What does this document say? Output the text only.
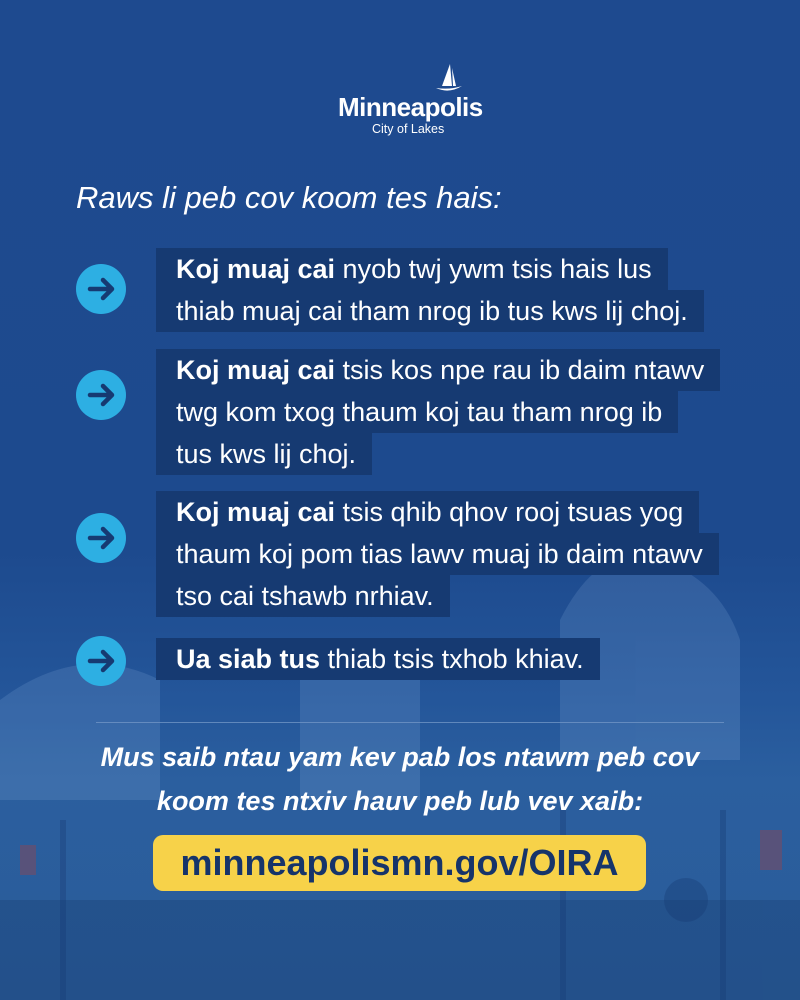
Minneapolis
City of Lakes
Raws li peb cov koom tes hais:
Koj muaj cai nyob twj ywm tsis hais lus
thiab muaj cai tham nrog ib tus kws lij choj.
Koj muaj cai tsis kos npe rau ib daim ntawv
twg kom txog thaum koj tau tham nrog ib
tus kws lij choj.
Koj muaj cai tsis qhib qhov rooj tsuas yog
thaum koj pom tias lawv muaj ib daim ntawv
tso cai tshawb nrhiav.
Ua siab tus thiab tsis txhob khiav.
Mus saib ntau yam kev pab los ntawm peb cov
koom tes ntxiv hauv peb lub vev xaib:
minneapolismn.gov/OIRA
